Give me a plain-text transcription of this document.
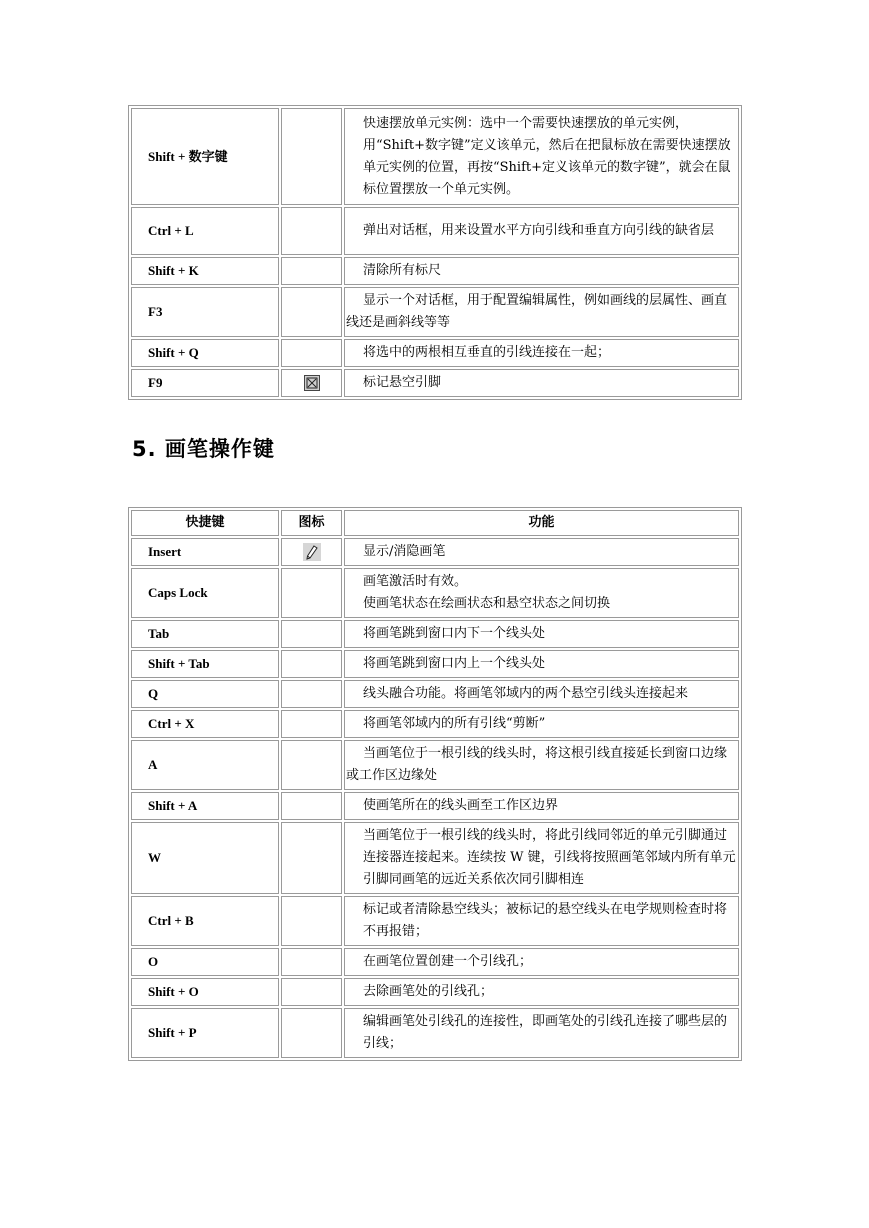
Shift + 数字键		快速摆放单元实例：选中一个需要快速摆放的单元实例，用“Shift+数字键”定义该单元，然后在把鼠标放在需要快速摆放单元实例的位置，再按“Shift+定义该单元的数字键”，就会在鼠标位置摆放一个单元实例。
Ctrl + L		弹出对话框，用来设置水平方向引线和垂直方向引线的缺省层
Shift + K		清除所有标尺
F3		显示一个对话框，用于配置编辑属性，例如画线的层属性、画直线还是画斜线等等
Shift + Q		将选中的两根相互垂直的引线连接在一起；
F9		标记悬空引脚
5. 画笔操作键
快捷键	图标	功能
Insert		显示/消隐画笔
Caps Lock		画笔激活时有效。
使画笔状态在绘画状态和悬空状态之间切换

Tab		将画笔跳到窗口内下一个线头处
Shift + Tab		将画笔跳到窗口内上一个线头处
Q		线头融合功能。将画笔邻域内的两个悬空引线头连接起来
Ctrl + X		将画笔邻域内的所有引线“剪断”
A		当画笔位于一根引线的线头时，将这根引线直接延长到窗口边缘或工作区边缘处
Shift + A		使画笔所在的线头画至工作区边界
W		当画笔位于一根引线的线头时，将此引线同邻近的单元引脚通过连接器连接起来。连续按 W 键，引线将按照画笔邻域内所有单元引脚同画笔的远近关系依次同引脚相连
Ctrl + B		标记或者清除悬空线头；被标记的悬空线头在电学规则检查时将不再报错；
O		在画笔位置创建一个引线孔；
Shift + O		去除画笔处的引线孔；
Shift + P		编辑画笔处引线孔的连接性，即画笔处的引线孔连接了哪些层的引线；
